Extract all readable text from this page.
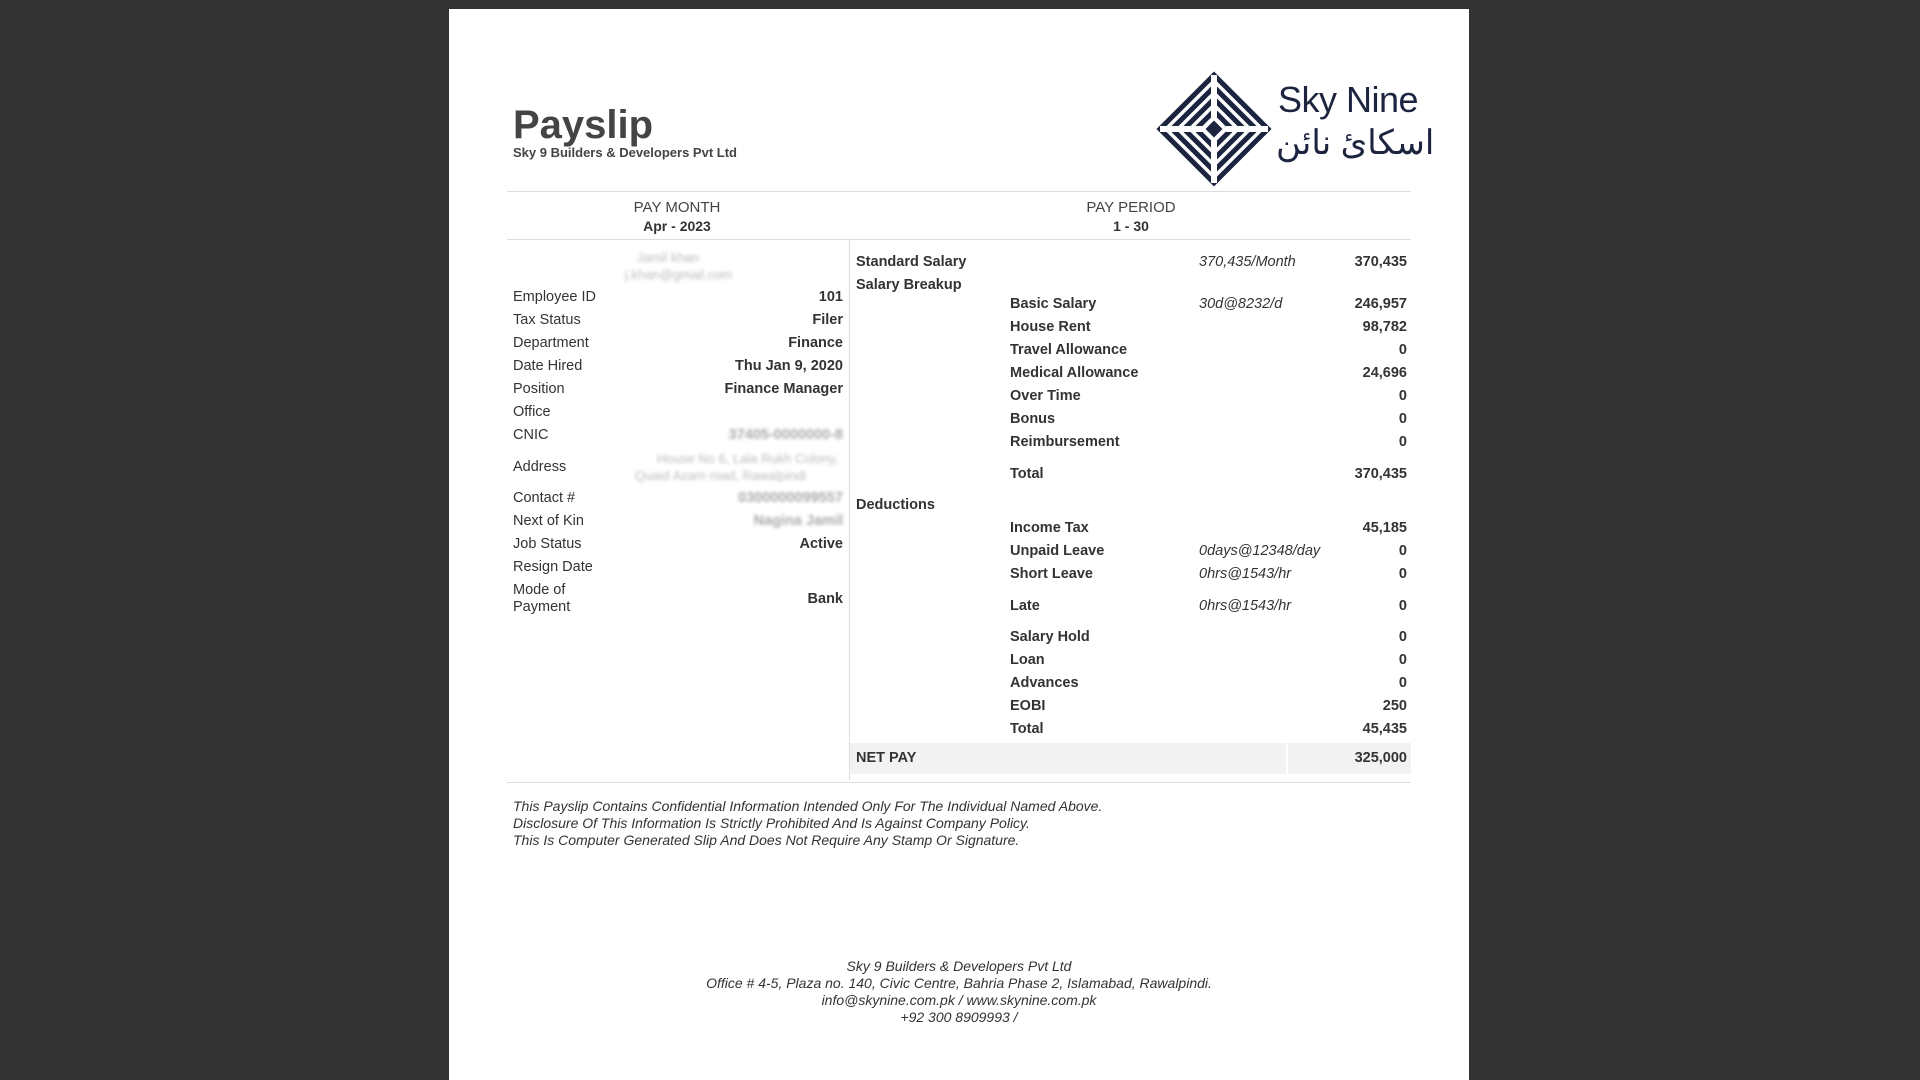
Payslip
Sky 9 Builders & Developers Pvt Ltd
Sky Nine
اسکائ نائن
PAY MONTH
Apr - 2023
PAY PERIOD
1 - 30
Jamil khan
j.khan@gmail.com
Employee ID	101
Tax Status	Filer
Department	Finance
Date Hired	Thu Jan 9, 2020
Position	Finance Manager
Office
CNIC	37405-0000000-8
Address
House No 6, Lala Rukh Colony,
Quaid Azam road, Rawalpindi
Contact #	0300000099557
Next of Kin	Nagina Jamil
Job Status	Active
Resign Date
Mode of
Payment	Bank
Standard Salary	370,435/Month	370,435
Salary Breakup
Basic Salary	30d@8232/d	246,957
House Rent	98,782
Travel Allowance	0
Medical Allowance	24,696
Over Time	0
Bonus	0
Reimbursement	0
Total	370,435
Deductions
Income Tax	45,185
Unpaid Leave	0days@12348/day	0
Short Leave	0hrs@1543/hr	0
Late	0hrs@1543/hr	0
Salary Hold	0
Loan	0
Advances	0
EOBI	250
Total	45,435
NET PAY	325,000
This Payslip Contains Confidential Information Intended Only For The Individual Named Above.
Disclosure Of This Information Is Strictly Prohibited And Is Against Company Policy.
This Is Computer Generated Slip And Does Not Require Any Stamp Or Signature.
Sky 9 Builders & Developers Pvt Ltd
Office # 4-5, Plaza no. 140, Civic Centre, Bahria Phase 2, Islamabad, Rawalpindi.
info@skynine.com.pk / www.skynine.com.pk
+92 300 8909993 /
